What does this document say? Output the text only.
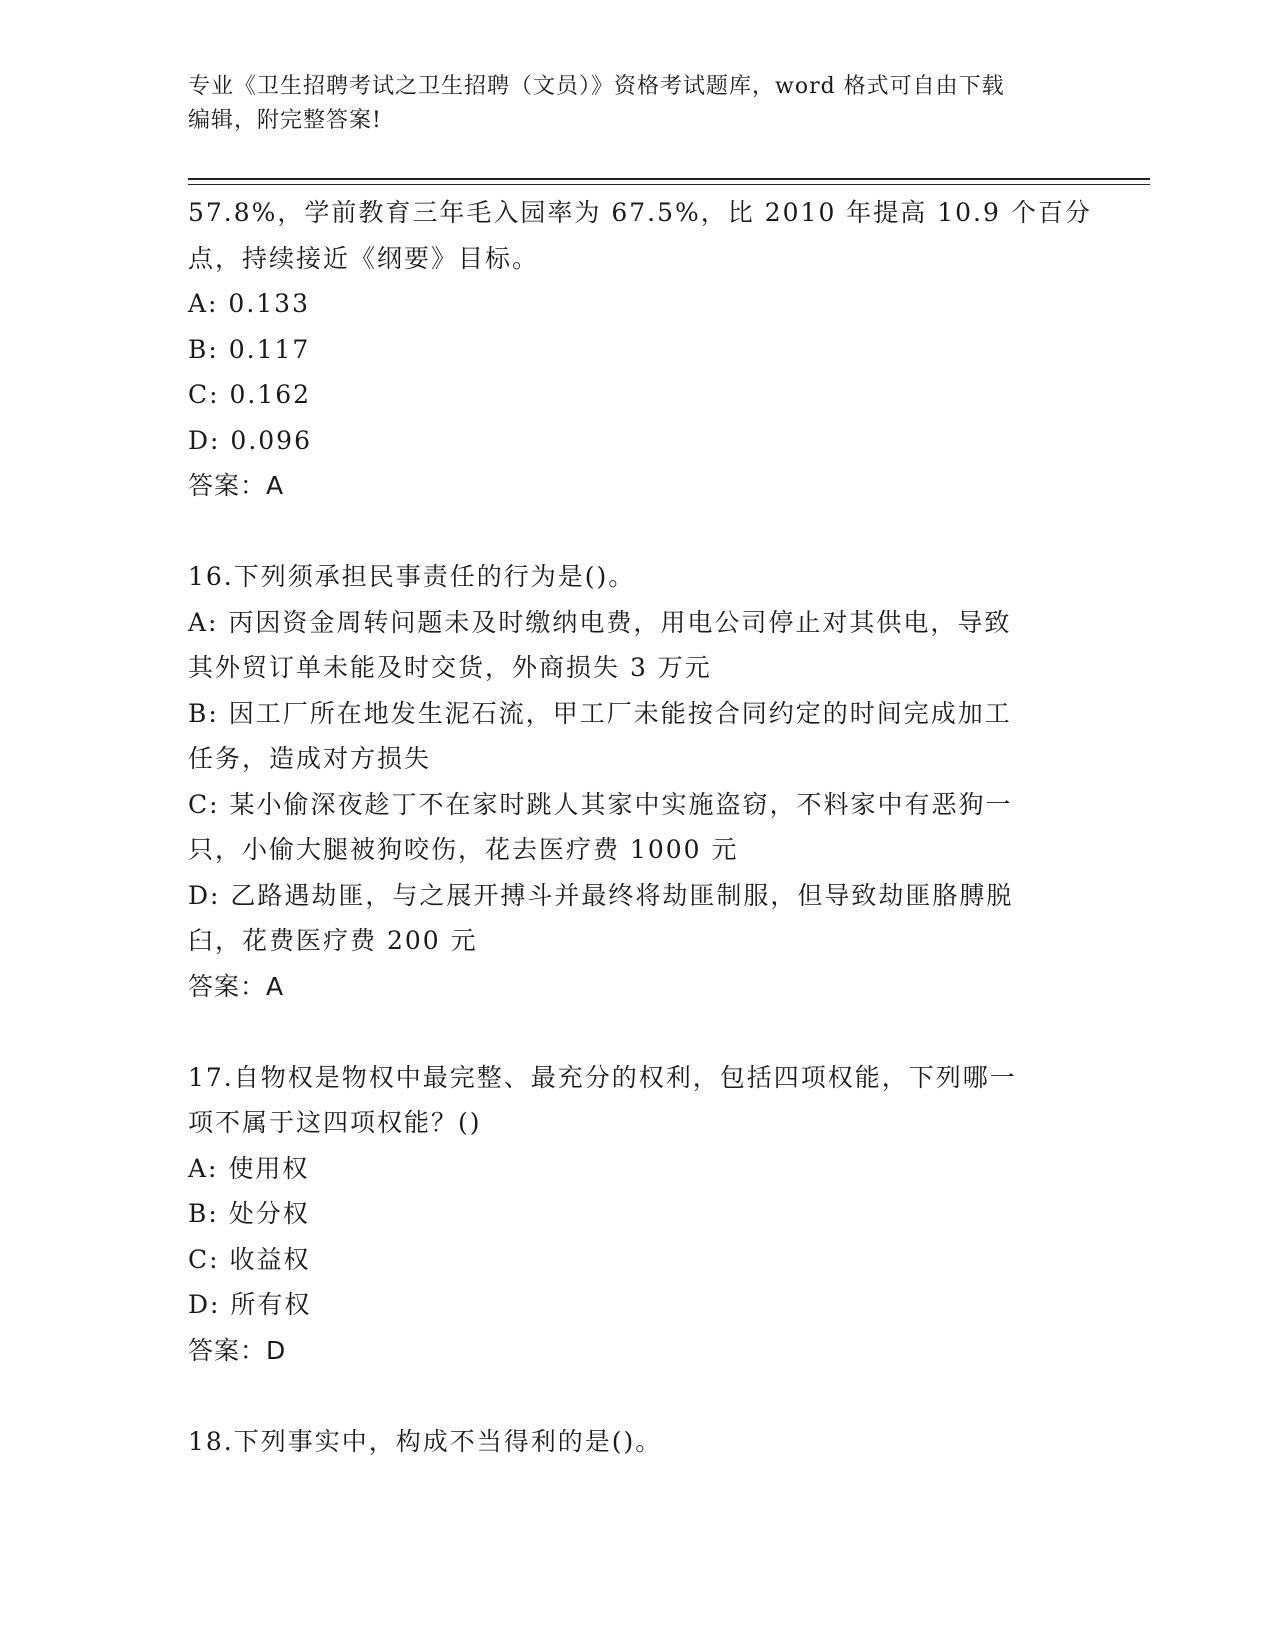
专业《卫生招聘考试之卫生招聘（文员）》资格考试题库，word 格式可自由下载
编辑，附完整答案!
57.8%，学前教育三年毛入园率为 67.5%，比 2010 年提高 10.9 个百分
点，持续接近《纲要》目标。
A: 0.133
B: 0.117
C: 0.162
D: 0.096
答案：A
16.下列须承担民事责任的行为是()。
A: 丙因资金周转问题未及时缴纳电费，用电公司停止对其供电，导致
其外贸订单未能及时交货，外商损失 3 万元
B: 因工厂所在地发生泥石流，甲工厂未能按合同约定的时间完成加工
任务，造成对方损失
C: 某小偷深夜趁丁不在家时跳人其家中实施盗窃，不料家中有恶狗一
只，小偷大腿被狗咬伤，花去医疗费 1000 元
D: 乙路遇劫匪，与之展开搏斗并最终将劫匪制服，但导致劫匪胳膊脱
臼，花费医疗费 200 元
答案：A
17.自物权是物权中最完整、最充分的权利，包括四项权能，下列哪一
项不属于这四项权能？()
A: 使用权
B: 处分权
C: 收益权
D: 所有权
答案：D
18.下列事实中，构成不当得利的是()。
